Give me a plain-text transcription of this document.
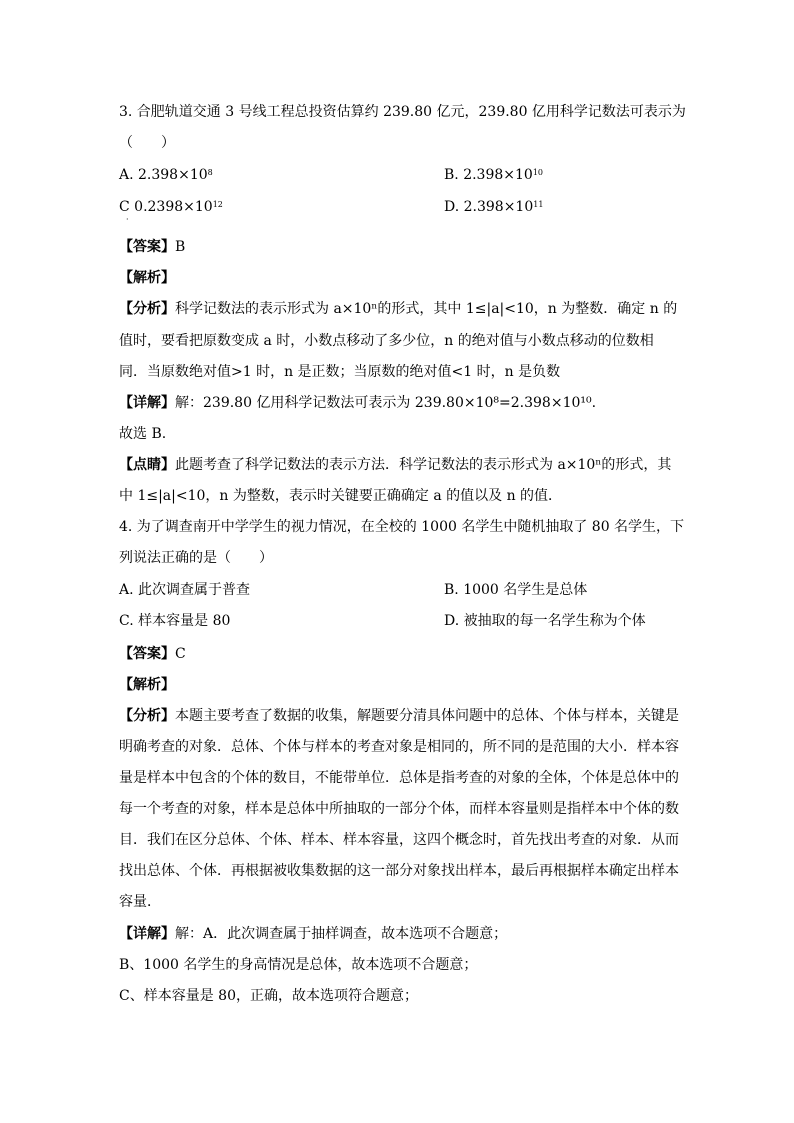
3. 合肥轨道交通 3 号线工程总投资估算约 239.80 亿元，239.80 亿用科学记数法可表示为
（　　）
A. $2.398\times 10^8$	B. $2.398\times 10^{10}$
C $0.2398\times 10^{12}$	D. $2.398\times 10^{11}$
·
【答案】B
【解析】
【分析】科学记数法的表示形式为 a×10ⁿ的形式，其中 1≤|a|<10，n 为整数．确定 n 的
值时，要看把原数变成 a 时，小数点移动了多少位，n 的绝对值与小数点移动的位数相
同．当原数绝对值>1 时，n 是正数；当原数的绝对值<1 时，n 是负数
【详解】解：239.80 亿用科学记数法可表示为 239.80×10⁸=2.398×10¹⁰.
故选 B.
【点睛】此题考查了科学记数法的表示方法．科学记数法的表示形式为 a×10ⁿ的形式，其
中 1≤|a|<10，n 为整数，表示时关键要正确确定 a 的值以及 n 的值．
4. 为了调查南开中学学生的视力情况，在全校的 1000 名学生中随机抽取了 80 名学生，下
列说法正确的是（　　）
A. 此次调查属于普查	B. 1000 名学生是总体
C. 样本容量是 80	D. 被抽取的每一名学生称为个体
【答案】C
【解析】
【分析】本题主要考查了数据的收集，解题要分清具体问题中的总体、个体与样本，关键是
明确考查的对象．总体、个体与样本的考查对象是相同的，所不同的是范围的大小．样本容
量是样本中包含的个体的数目，不能带单位．总体是指考查的对象的全体，个体是总体中的
每一个考查的对象，样本是总体中所抽取的一部分个体，而样本容量则是指样本中个体的数
目．我们在区分总体、个体、样本、样本容量，这四个概念时，首先找出考查的对象．从而
找出总体、个体．再根据被收集数据的这一部分对象找出样本，最后再根据样本确定出样本
容量．
【详解】解：A．此次调查属于抽样调查，故本选项不合题意；
B、1000 名学生的身高情况是总体，故本选项不合题意；
C、样本容量是 80，正确，故本选项符合题意；
